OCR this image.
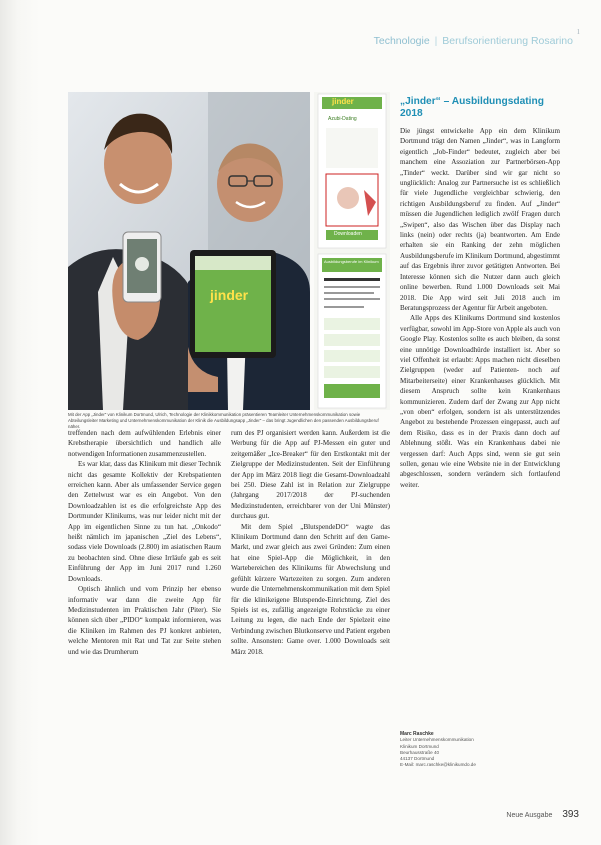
Technologie | Berufsorientierung Rosarino
ı
jinder
jinder
Azubi-Dating
Downloaden
Ausbildungsberufe im Klinikum
Mit der App „Jinder“ von Klinikum Dortmund, Ulrich, Technologie der Klinikkommunikation präsentieren Teamleiter Unternehmenskommunikation sowie Abteilungsleiter Marketing und Unternehmenskommunikation der Klinik die Ausbildungsapp „Jinder“ – das bringt Jugendlichen den passenden Ausbildungsberuf näher.

treffenden nach dem aufwühlenden Erlebnis einer Krebstherapie übersichtlich und handlich alle notwendigen Informationen zusammenzustellen.

Es war klar, dass das Klinikum mit dieser Technik nicht das gesamte Kollektiv der Krebspatienten erreichen kann. Aber als umfassender Service gegen den Zettelwust war es ein Angebot. Von den Downloadzahlen ist es die erfolgreichste App des Dortmunder Klinikums, was nur leider nicht mit der App im eigentlichen Sinne zu tun hat. „Onkodo“ heißt nämlich im japanischen „Ziel des Lebens“, sodass viele Downloads (2.800) im asiatischen Raum zu beobachten sind. Ohne diese Irrläufe gab es seit Einführung der App im Juni 2017 rund 1.260 Downloads.

Optisch ähnlich und vom Prinzip her ebenso informativ war dann die zweite App für Medizinstudenten im Praktischen Jahr (Piter). Sie können sich über „PIDO“ kompakt informieren, was die Kliniken im Rahmen des PJ konkret anbieten, welche Mentoren mit Rat und Tat zur Seite stehen und wie das Drumherum

rum des PJ organisiert werden kann. Außerdem ist die Werbung für die App auf PJ-Messen ein guter und zeitgemäßer „Ice-Breaker“ für den Erstkontakt mit der Zielgruppe der Medizinstudenten. Seit der Einführung der App im März 2018 liegt die Gesamt-Downloadzahl bei 250. Diese Zahl ist in Relation zur Zielgruppe (Jahrgang 2017/2018 der PJ-suchenden Medizinstudenten, erreichbarer von der Uni Münster) durchaus gut.

Mit dem Spiel „BlutspendeDO“ wagte das Klinikum Dortmund dann den Schritt auf den Game-Markt, und zwar gleich aus zwei Gründen: Zum einen hat eine Spiel-App die Möglichkeit, in den Wartebereichen des Klinikums für Abwechslung und gefühlt kürzere Wartezeiten zu sorgen. Zum anderen wurde die Unternehmenskommunikation mit dem Spiel für die klinikeigene Blutspende-Einrichtung. Ziel des Spiels ist es, zufällig angezeigte Rohrstücke zu einer Leitung zu legen, die nach Ende der Spielzeit eine Verbindung zwischen Blutkonserve und Patient ergeben sollte. Ansonsten: Game over. 1.000 Downloads seit März 2018.

„Jinder“ – Ausbildungsdating 2018

Die jüngst entwickelte App ein dem Klinikum Dortmund trägt den Namen „Jinder“, was in Langform eigentlich „Job-Finder“ bedeutet, zugleich aber bei manchem eine Assoziation zur Partnerbörsen-App „Tinder“ weckt. Darüber sind wir gar nicht so unglücklich: Analog zur Partnersuche ist es schließlich für viele Jugendliche vergleichbar schwierig, den richtigen Ausbildungsberuf zu finden. Auf „Jinder“ müssen die Jugendlichen lediglich zwölf Fragen durch „Swipen“, also das Wischen über das Display nach links (nein) oder rechts (ja) beantworten. Am Ende erhalten sie ein Ranking der zehn möglichen Ausbildungsberufe im Klinikum Dortmund, abgestimmt auf das Ergebnis ihrer zuvor getätigten Antworten. Bei Interesse können sich die Nutzer dann auch gleich online bewerben. Rund 1.000 Downloads seit Mai 2018. Die App wird seit Juli 2018 auch im Beratungsprozess der Agentur für Arbeit angeboten.

Alle Apps des Klinikums Dortmund sind kostenlos verfügbar, sowohl im App-Store von Apple als auch von Google Play. Kostenlos sollte es auch bleiben, da sonst eine unnötige Downloadhürde installiert ist. Aber so viel Offenheit ist erlaubt: Apps machen nicht dieselben Zielgruppen (weder auf Patienten- noch auf Mitarbeiterseite) einer Krankenhauses glücklich. Mit diesem Anspruch sollte kein Krankenhaus kommunizieren. Zudem darf der Zwang zur App nicht „von oben“ erfolgen, sondern ist als unterstützendes Angebot zu bestehende Prozessen eingepasst, auch auf dem Risiko, dass es in der Praxis dann doch auf Ablehnung stößt. Was ein Krankenhaus dabei nie vergessen darf: Auch Apps sind, wenn sie gut sein sollen, genau wie eine Website nie in der Entwicklung abgeschlossen, sondern verändern sich fortlaufend weiter.

Marc Raschke
Leiter Unternehmenskommunikation
Klinikum Dortmund
Beurhausstraße 40
44137 Dortmund
E-Mail: marc.raschke@klinikumdo.de
Neue Ausgabe 393
